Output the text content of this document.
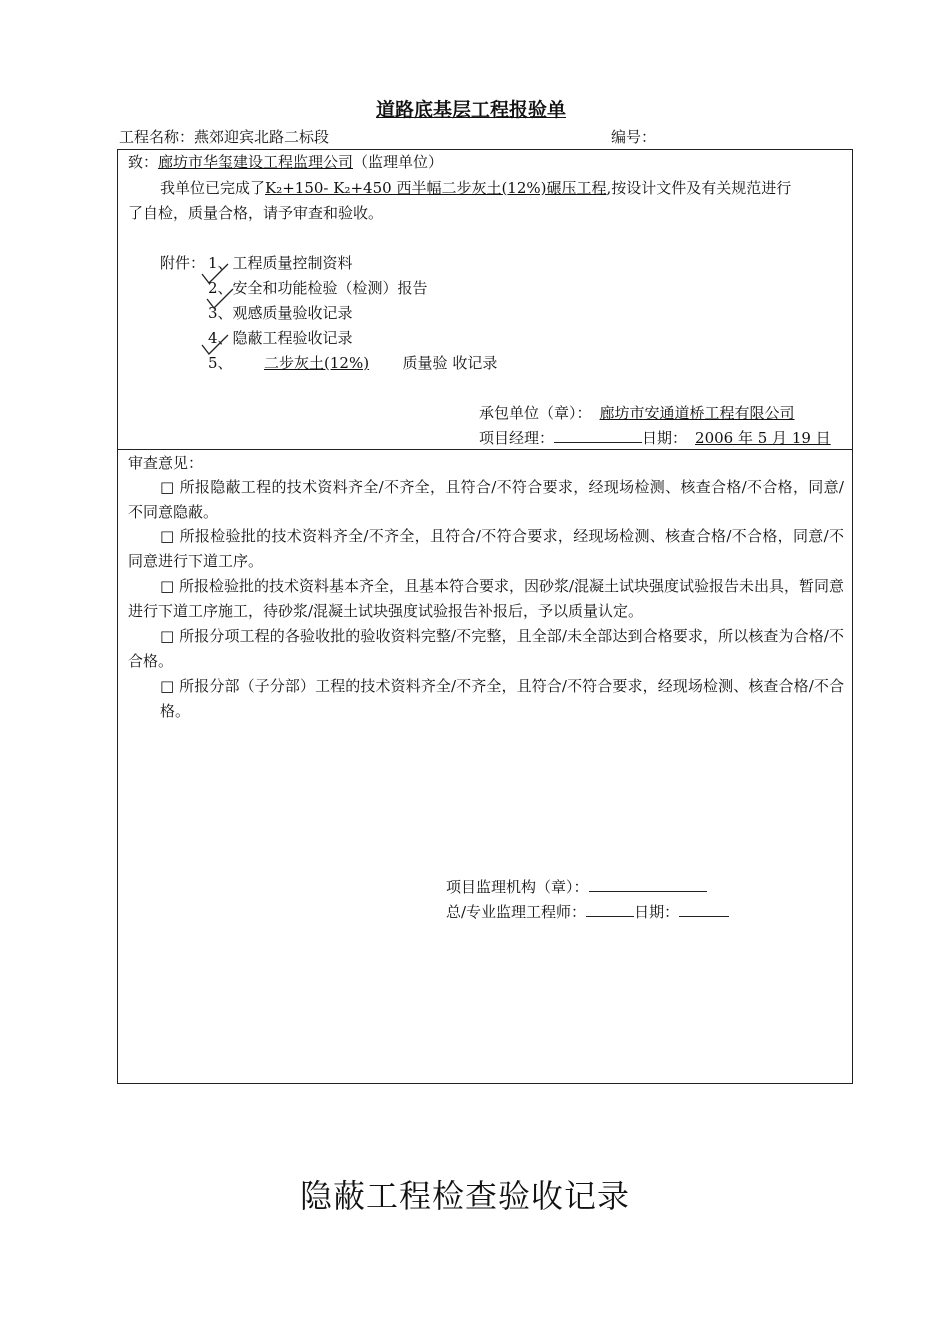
道路底基层工程报验单
工程名称：燕郊迎宾北路二标段	编号：
致：廊坊市华玺建设工程监理公司（监理单位）
我单位已完成了K₂+150- K₂+450 西半幅二步灰土(12%)碾压工程,按设计文件及有关规范进行
了自检，质量合格，请予审查和验收。
附件： 1、工程质量控制资料
2、安全和功能检验（检测）报告
3、观感质量验收记录
4、隐蔽工程验收记录
5、 二步灰土(12%) 质量验 收记录
承包单位（章）： 廊坊市安通道桥工程有限公司
项目经理：	日期： 2006 年 5 月 19 日
审查意见：
□ 所报隐蔽工程的技术资料齐全/不齐全，且符合/不符合要求，经现场检测、核查合格/不合格，同意/不同意隐蔽。
□ 所报检验批的技术资料齐全/不齐全，且符合/不符合要求，经现场检测、核查合格/不合格，同意/不同意进行下道工序。
□ 所报检验批的技术资料基本齐全，且基本符合要求，因砂浆/混凝土试块强度试验报告未出具，暂同意进行下道工序施工，待砂浆/混凝土试块强度试验报告补报后，予以质量认定。
□ 所报分项工程的各验收批的验收资料完整/不完整，且全部/未全部达到合格要求，所以核查为合格/不合格。
□ 所报分部（子分部）工程的技术资料齐全/不齐全，且符合/不符合要求，经现场检测、核查合格/不合格。
项目监理机构（章）：
总/专业监理工程师：	日期：
隐蔽工程检查验收记录
